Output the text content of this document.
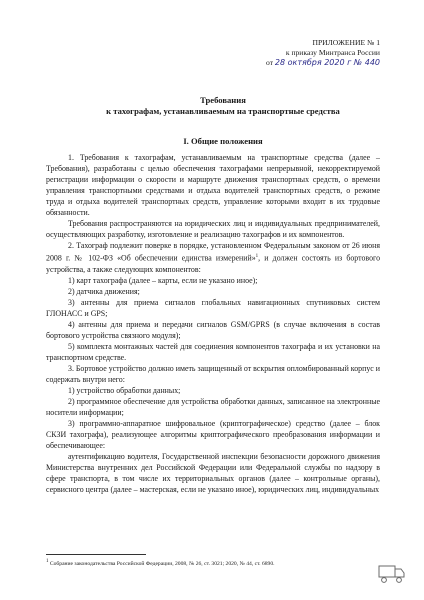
ПРИЛОЖЕНИЕ № 1
к приказу Минтранса России
от 28 октября 2020 г № 440
Требования
к тахографам, устанавливаемым на транспортные средства
I. Общие положения

1. Требования к тахографам, устанавливаемым на транспортные средства (далее – Требования), разработаны с целью обеспечения тахографами непрерывной, некорректируемой регистрации информации о скорости и маршруте движения транспортных средств, о времени управления транспортными средствами и отдыха водителей транспортных средств, о режиме труда и отдыха водителей транспортных средств, управление которыми входит в их трудовые обязанности.

Требования распространяются на юридических лиц и индивидуальных предпринимателей, осуществляющих разработку, изготовление и реализацию тахографов и их компонентов.

2. Тахограф подлежит поверке в порядке, установленном Федеральным законом от 26 июня 2008 г. № 102-ФЗ «Об обеспечении единства измерений»$^1$, и должен состоять из бортового устройства, а также следующих компонентов:

1) карт тахографа (далее – карты, если не указано иное);

2) датчика движения;

3) антенны для приема сигналов глобальных навигационных спутниковых систем ГЛОНАСС и GPS;

4) антенны для приема и передачи сигналов GSM/GPRS (в случае включения в состав бортового устройства связного модуля);

5) комплекта монтажных частей для соединения компонентов тахографа и их установки на транспортном средстве.

3. Бортовое устройство должно иметь защищенный от вскрытия опломбированный корпус и содержать внутри него:

1) устройство обработки данных;

2) программное обеспечение для устройства обработки данных, записанное на электронные носители информации;

3) программно-аппаратное шифровальное (криптографическое) средство (далее – блок СКЗИ тахографа), реализующее алгоритмы криптографического преобразования информации и обеспечивающее:

аутентификацию водителя, Государственной инспекции безопасности дорожного движения Министерства внутренних дел Российской Федерации или Федеральной службы по надзору в сфере транспорта, в том числе их территориальных органов (далее – контрольные органы), сервисного центра (далее – мастерская, если не указано иное), юридических лиц, индивидуальных

$^1$ Собрание законодательства Российской Федерации, 2008, № 26, ст. 3021; 2020, № 44, ст. 6890.
